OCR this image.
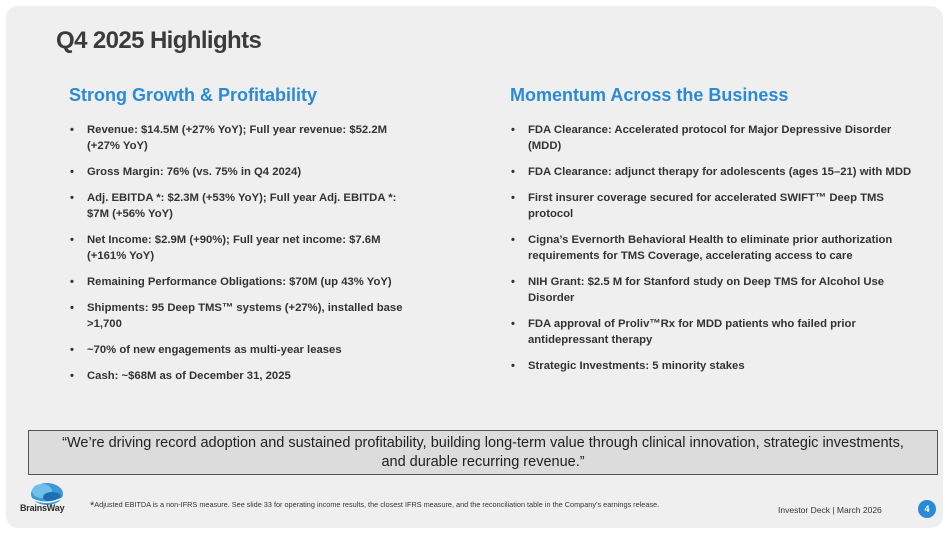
Q4 2025 Highlights
Strong Growth & Profitability
• Revenue: $14.5M (+27% YoY); Full year revenue: $52.2M (+27% YoY)
• Gross Margin: 76% (vs. 75% in Q4 2024)
• Adj. EBITDA *: $2.3M (+53% YoY); Full year Adj. EBITDA *: $7M (+56% YoY)
• Net Income: $2.9M (+90%); Full year net income: $7.6M (+161% YoY)
• Remaining Performance Obligations: $70M (up 43% YoY)
• Shipments: 95 Deep TMS™ systems (+27%), installed base >1,700
• ~70% of new engagements as multi-year leases
• Cash: ~$68M as of December 31, 2025
Momentum Across the Business
• FDA Clearance: Accelerated protocol for Major Depressive Disorder (MDD)
• FDA Clearance: adjunct therapy for adolescents (ages 15–21) with MDD
• First insurer coverage secured for accelerated SWIFT™ Deep TMS protocol
• Cigna’s Evernorth Behavioral Health to eliminate prior authorization requirements for TMS Coverage, accelerating access to care
• NIH Grant: $2.5 M for Stanford study on Deep TMS for Alcohol Use Disorder
• FDA approval of Proliv™Rx for MDD patients who failed prior antidepressant therapy
• Strategic Investments: 5 minority stakes
“We’re driving record adoption and sustained profitability, building long-term value through clinical innovation, strategic investments, and durable recurring revenue.”
BrainsWay *Adjusted EBITDA is a non-IFRS measure. See slide 33 for operating income results, the closest IFRS measure, and the reconciliation table in the Company’s earnings release.
Investor Deck | March 2026	4
